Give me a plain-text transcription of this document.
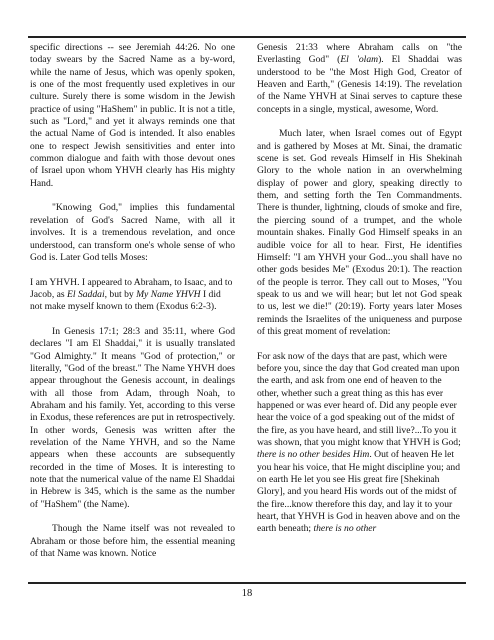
specific directions -- see Jeremiah 44:26. No one today swears by the Sacred Name as a by-word, while the name of Jesus, which was openly spoken, is one of the most frequently used expletives in our culture. Surely there is some wisdom in the Jewish practice of using "HaShem" in public. It is not a title, such as "Lord," and yet it always reminds one that the actual Name of God is intended. It also enables one to respect Jewish sensitivities and enter into common dialogue and faith with those devout ones of Israel upon whom YHVH clearly has His mighty Hand.

"Knowing God," implies this fundamental revelation of God's Sacred Name, with all it involves. It is a tremendous revelation, and once understood, can transform one's whole sense of who God is. Later God tells Moses:

I am YHVH. I appeared to Abraham, to Isaac, and to Jacob, as El Saddai, but by My Name YHVH I did not make myself known to them (Exodus 6:2-3).

In Genesis 17:1; 28:3 and 35:11, where God declares "I am El Shaddai," it is usually translated "God Almighty." It means "God of protection," or literally, "God of the breast." The Name YHVH does appear throughout the Genesis account, in dealings with all those from Adam, through Noah, to Abraham and his family. Yet, according to this verse in Exodus, these references are put in retrospectively. In other words, Genesis was written after the revelation of the Name YHVH, and so the Name appears when these accounts are subsequently recorded in the time of Moses. It is interesting to note that the numerical value of the name El Shaddai in Hebrew is 345, which is the same as the number of "HaShem" (the Name).

Though the Name itself was not revealed to Abraham or those before him, the essential meaning of that Name was known. Notice

Genesis 21:33 where Abraham calls on "the Everlasting God" (El 'olam). El Shaddai was understood to be "the Most High God, Creator of Heaven and Earth," (Genesis 14:19). The revelation of the Name YHVH at Sinai serves to capture these concepts in a single, mystical, awesome, Word.

Much later, when Israel comes out of Egypt and is gathered by Moses at Mt. Sinai, the dramatic scene is set. God reveals Himself in His Shekinah Glory to the whole nation in an overwhelming display of power and glory, speaking directly to them, and setting forth the Ten Commandments. There is thunder, lightning, clouds of smoke and fire, the piercing sound of a trumpet, and the whole mountain shakes. Finally God Himself speaks in an audible voice for all to hear. First, He identifies Himself: "I am YHVH your God...you shall have no other gods besides Me" (Exodus 20:1). The reaction of the people is terror. They call out to Moses, "You speak to us and we will hear; but let not God speak to us, lest we die!" (20:19). Forty years later Moses reminds the Israelites of the uniqueness and purpose of this great moment of revelation:

For ask now of the days that are past, which were before you, since the day that God created man upon the earth, and ask from one end of heaven to the other, whether such a great thing as this has ever happened or was ever heard of. Did any people ever hear the voice of a god speaking out of the midst of the fire, as you have heard, and still live?...To you it was shown, that you might know that YHVH is God; there is no other besides Him. Out of heaven He let you hear his voice, that He might discipline you; and on earth He let you see His great fire [Shekinah Glory], and you heard His words out of the midst of the fire...know therefore this day, and lay it to your heart, that YHVH is God in heaven above and on the earth beneath; there is no other

18
